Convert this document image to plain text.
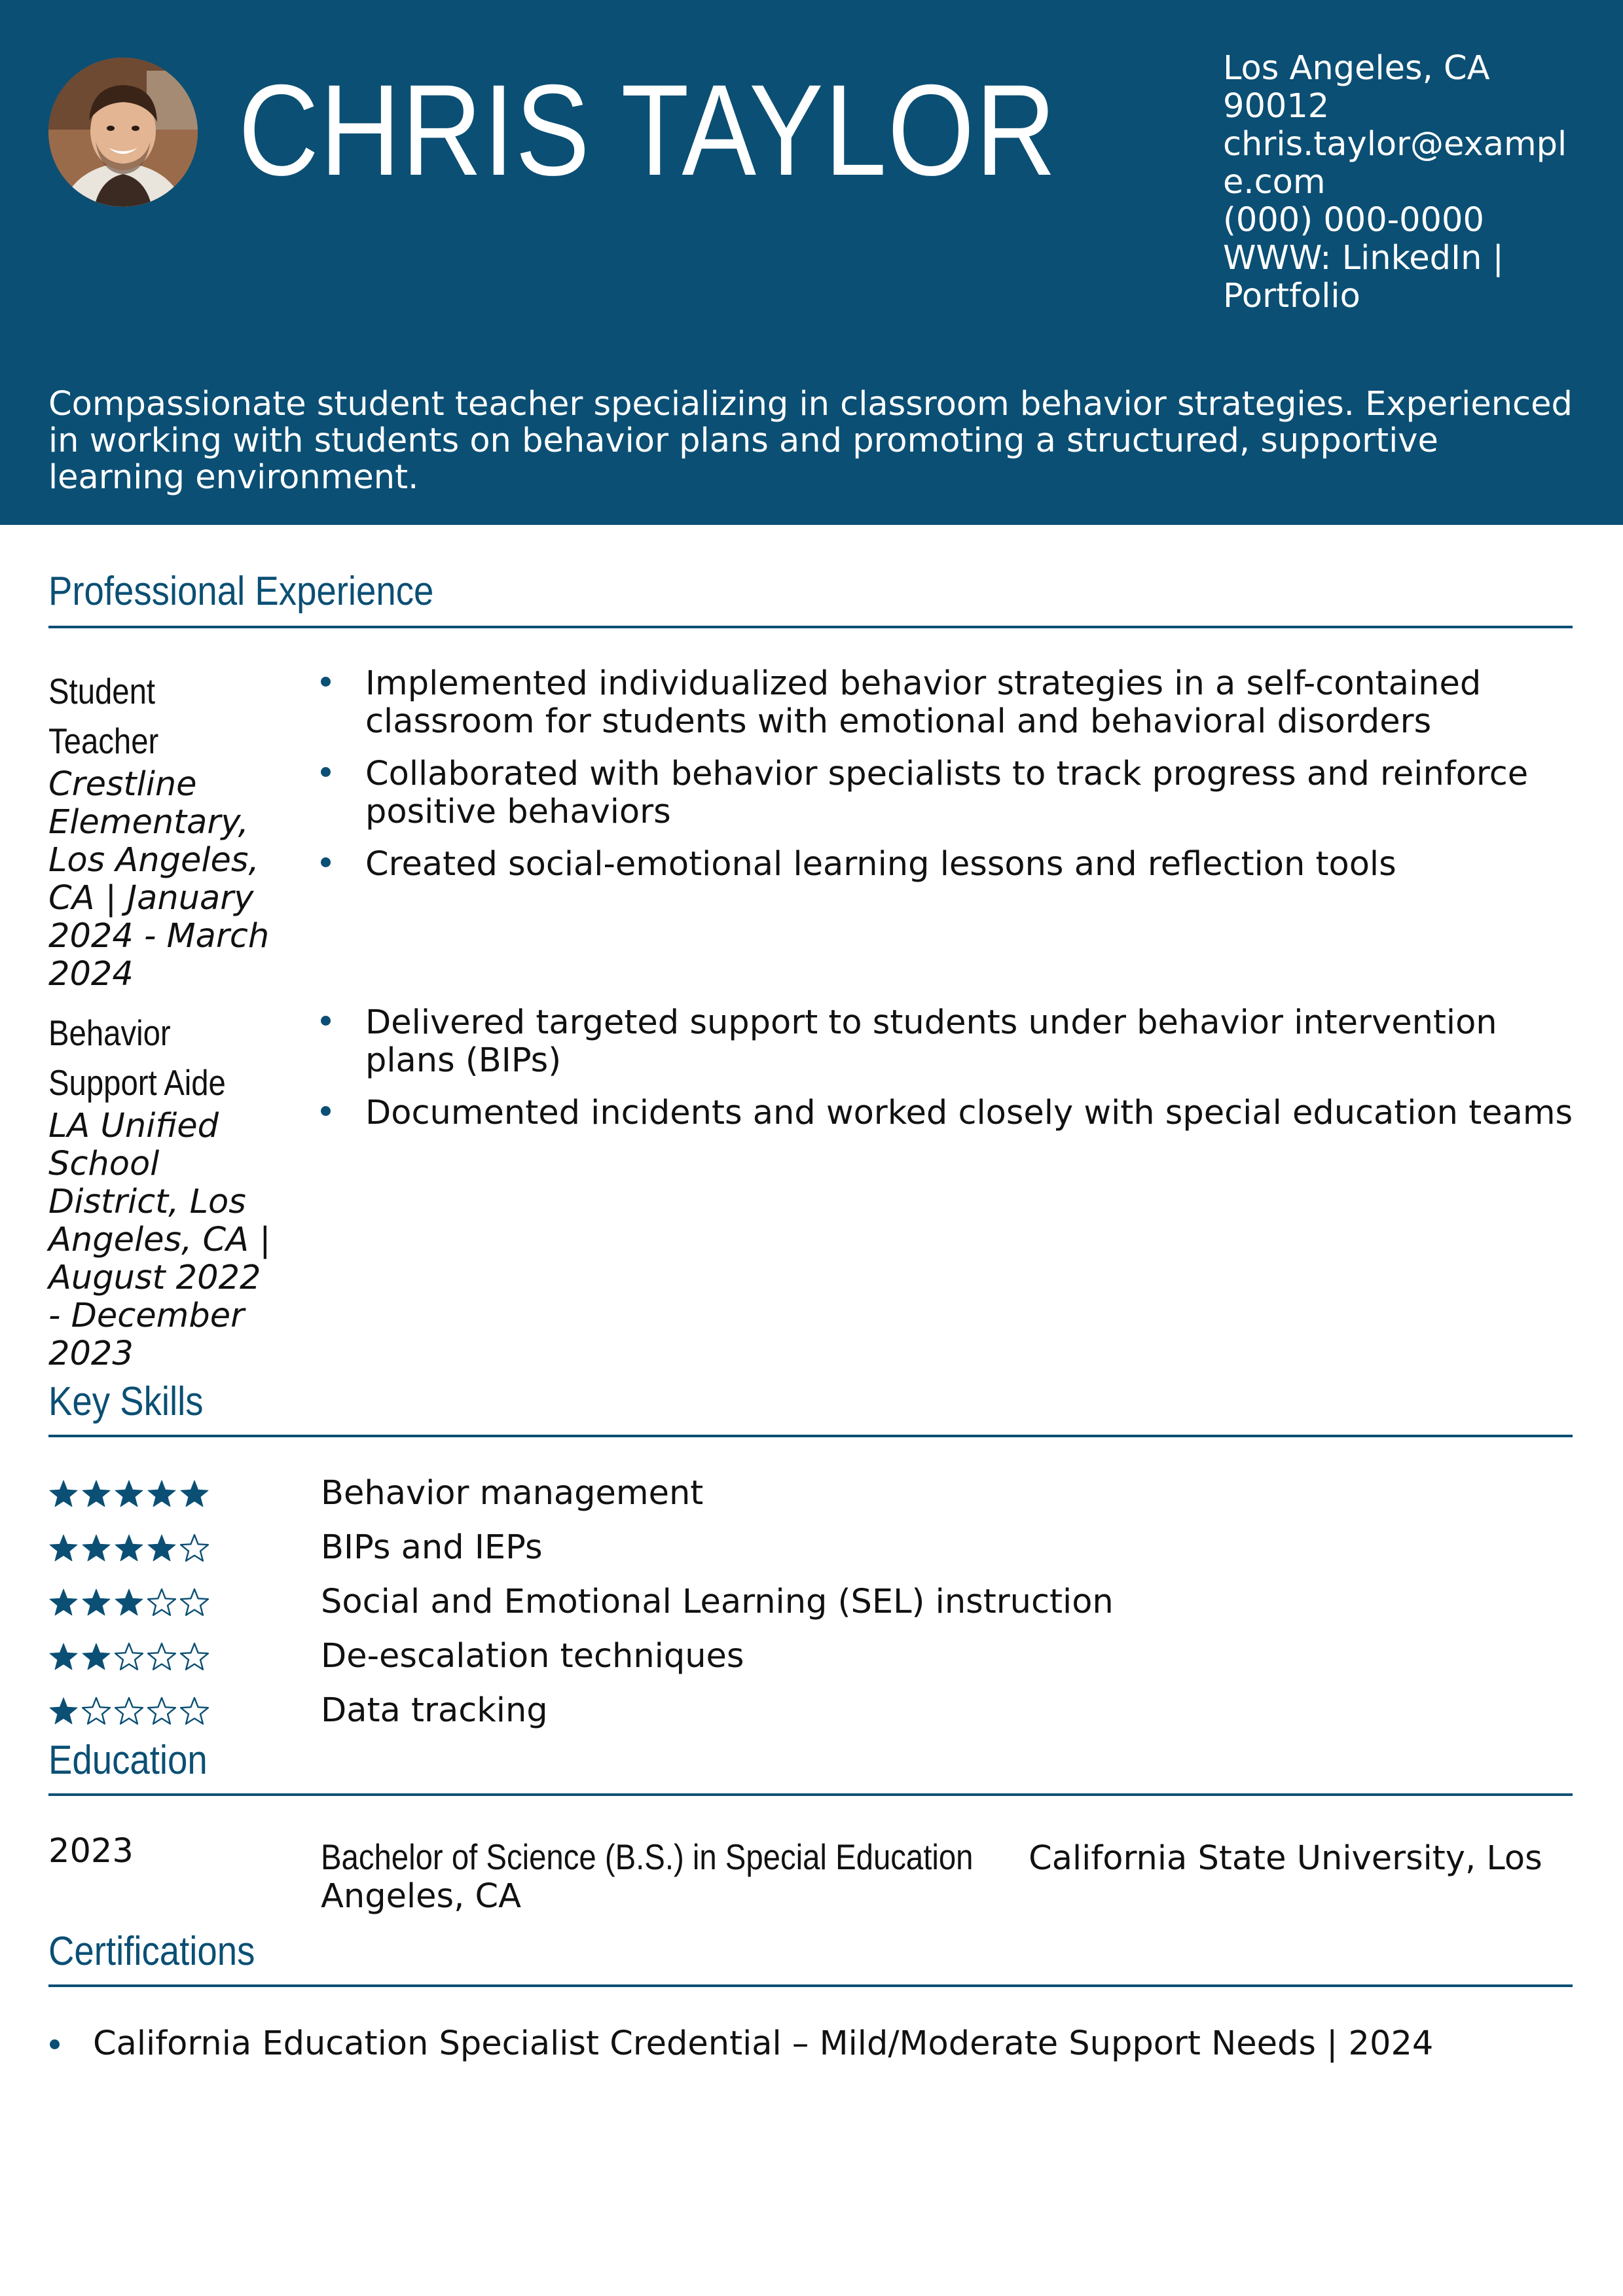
CHRIS TAYLOR	Los Angeles, CA
90012
chris.taylor@exampl
e.com
(000) 000-0000
WWW: LinkedIn |
Portfolio
Compassionate student teacher specializing in classroom behavior strategies. Experienced in working with students on behavior plans and promoting a structured, supportive learning environment.
Professional Experience
Student
Teacher
Crestline
Elementary,
Los Angeles,
CA | January
2024 - March
2024
Implemented individualized behavior strategies in a self-contained classroom for students with emotional and behavioral disorders
Collaborated with behavior specialists to track progress and reinforce positive behaviors
Created social-emotional learning lessons and reflection tools
Behavior
Support Aide
LA Unified
School
District, Los
Angeles, CA |
August 2022
- December
2023
Delivered targeted support to students under behavior intervention plans (BIPs)
Documented incidents and worked closely with special education teams
Key Skills
Behavior management
BIPs and IEPs
Social and Emotional Learning (SEL) instruction
De-escalation techniques
Data tracking
Education
2023	Bachelor of Science (B.S.) in Special Education California State University, Los Angeles, CA
Certifications
California Education Specialist Credential – Mild/Moderate Support Needs | 2024
